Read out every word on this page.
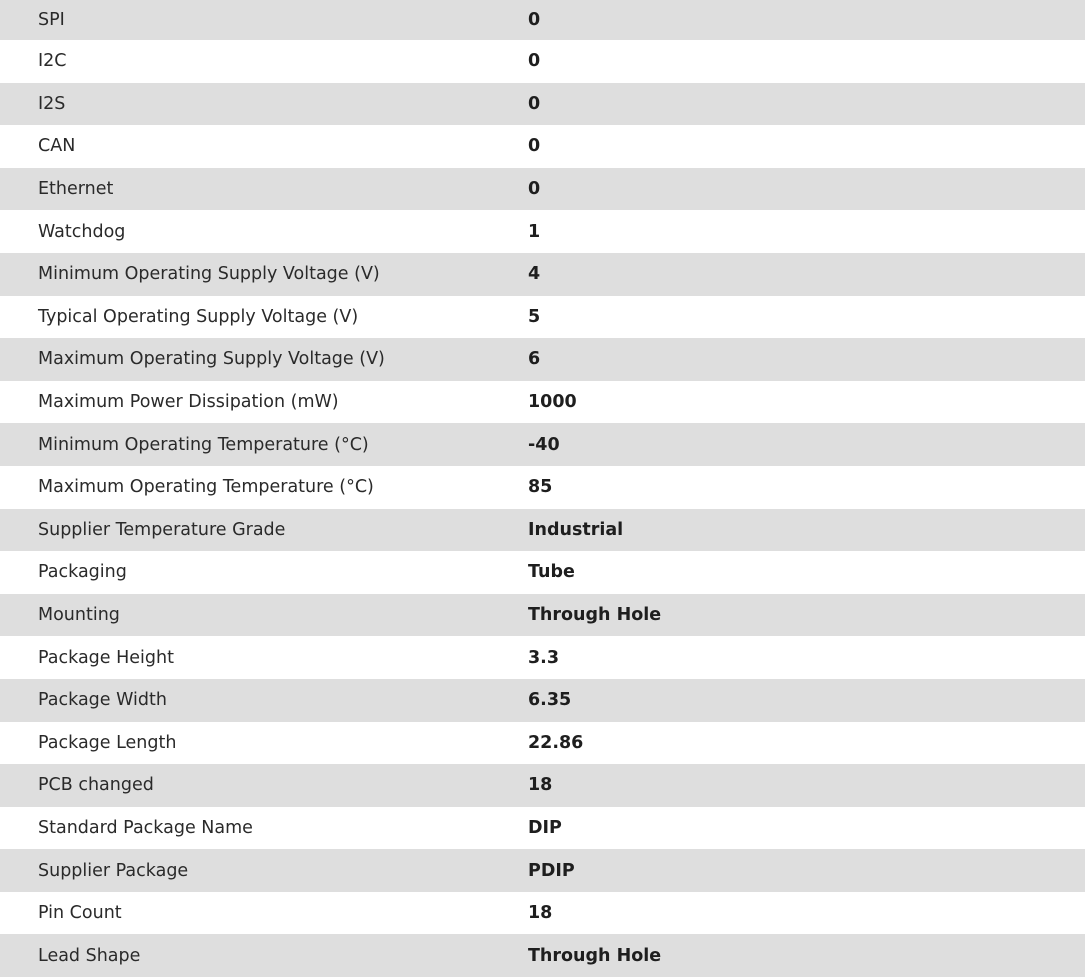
SPI	0
I2C	0
I2S	0
CAN	0
Ethernet	0
Watchdog	1
Minimum Operating Supply Voltage (V)	4
Typical Operating Supply Voltage (V)	5
Maximum Operating Supply Voltage (V)	6
Maximum Power Dissipation (mW)	1000
Minimum Operating Temperature (°C)	-40
Maximum Operating Temperature (°C)	85
Supplier Temperature Grade	Industrial
Packaging	Tube
Mounting	Through Hole
Package Height	3.3
Package Width	6.35
Package Length	22.86
PCB changed	18
Standard Package Name	DIP
Supplier Package	PDIP
Pin Count	18
Lead Shape	Through Hole
